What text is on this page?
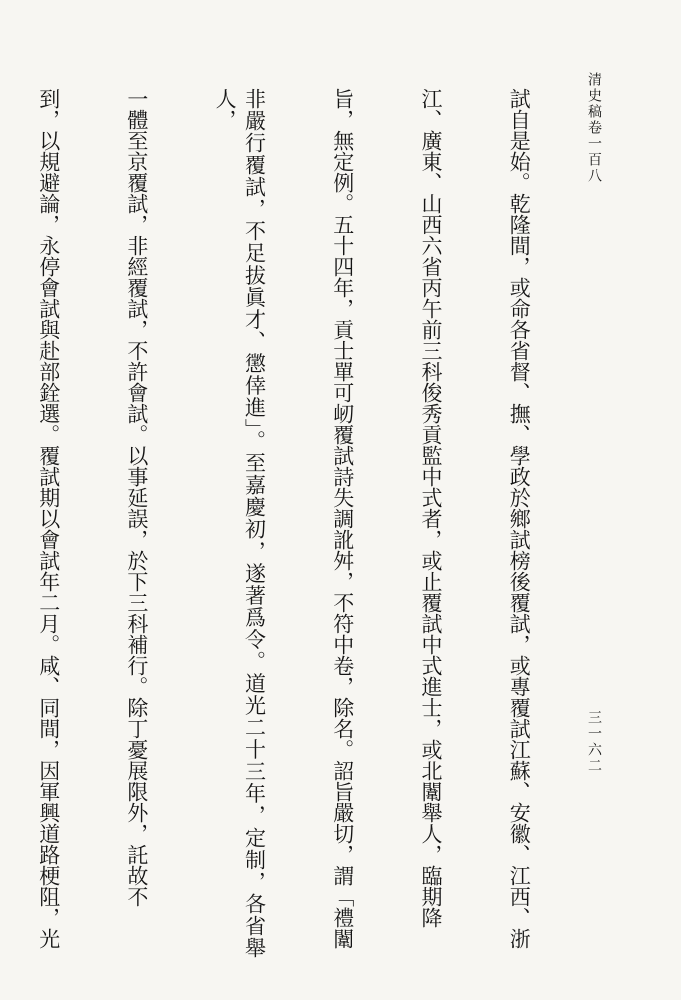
清史稿卷一百八
三一六二

試自是始。乾隆間，或命各省督、撫、學政於鄉試榜後覆試，或專覆試江蘇、安徽、江西、浙

江、廣東、山西六省丙午前三科俊秀貢監中式者，或止覆試中式進士，或北闈舉人，臨期降

旨，無定例。五十四年，貢士單可屻覆試詩失調訛舛，不符中卷，除名。詔旨嚴切，謂「禮闈

非嚴行覆試，不足拔眞才、懲倖進」。至嘉慶初，遂著爲令。道光二十三年，定制，各省舉人，

一體至京覆試，非經覆試，不許會試。以事延誤，於下三科補行。除丁憂展限外，託故不

到，以規避論，永停會試與赴部銓選。覆試期以會試年二月。咸、同間，因軍興道路梗阻，光
